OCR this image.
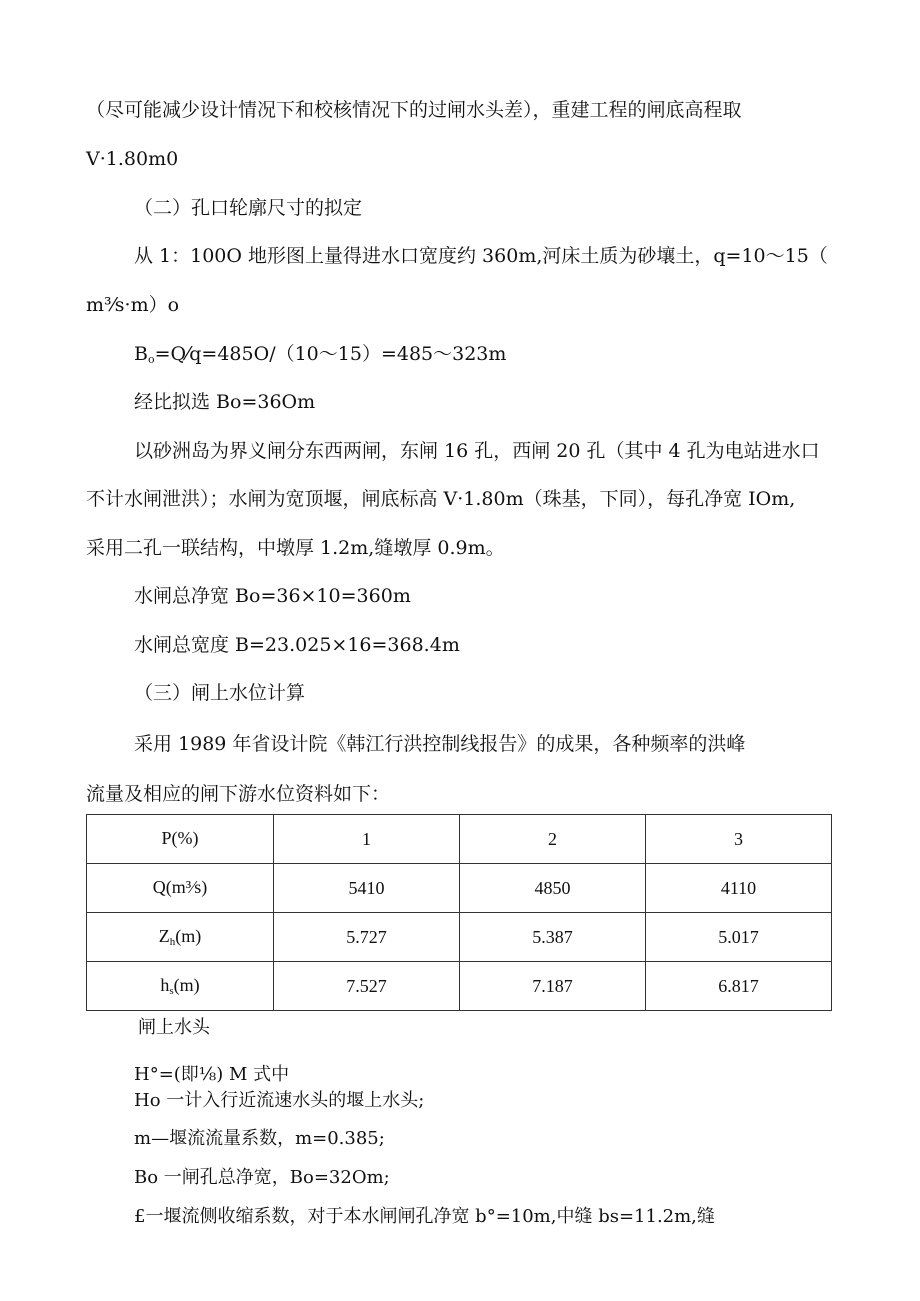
（尽可能减少设计情况下和校核情况下的过闸水头差），重建工程的闸底高程取
V·1.80m0
（二）孔口轮廓尺寸的拟定
从 1：100O 地形图上量得进水口宽度约 360m,河床土质为砂壤土，q=10～15（
m³⁄s·m）o
$B_o=Q⁄q=485O/(10\sim 15)=485\sim 323m$
经比拟选 Bo=36Om
以砂洲岛为界义闸分东西两闸，东闸 16 孔，西闸 20 孔（其中 4 孔为电站进水口
不计水闸泄洪）；水闸为宽顶堰，闸底标高 V·1.80m（珠基，下同），每孔净宽 IOm,
采用二孔一联结构，中墩厚 1.2m,缝墩厚 0.9m。
水闸总净宽 Bo=36×10=360m
水闸总宽度 B=23.025×16=368.4m
（三）闸上水位计算
采用 1989 年省设计院《韩江行洪控制线报告》的成果，各种频率的洪峰
流量及相应的闸下游水位资料如下：
P(%)	1	2	3
Q(m³⁄s)	5410	4850	4110
$Z_h(m)$	5.727	5.387	5.017
$h_s(m)$	7.527	7.187	6.817
闸上水头
H°=(即⅛) M 式中
Ho 一计入行近流速水头的堰上水头;
m—堰流流量系数，m=0.385;
Bo 一闸孔总净宽，Bo=32Om;
£一堰流侧收缩系数，对于本水闸闸孔净宽 b°=10m,中缝 bs=11.2m,缝
